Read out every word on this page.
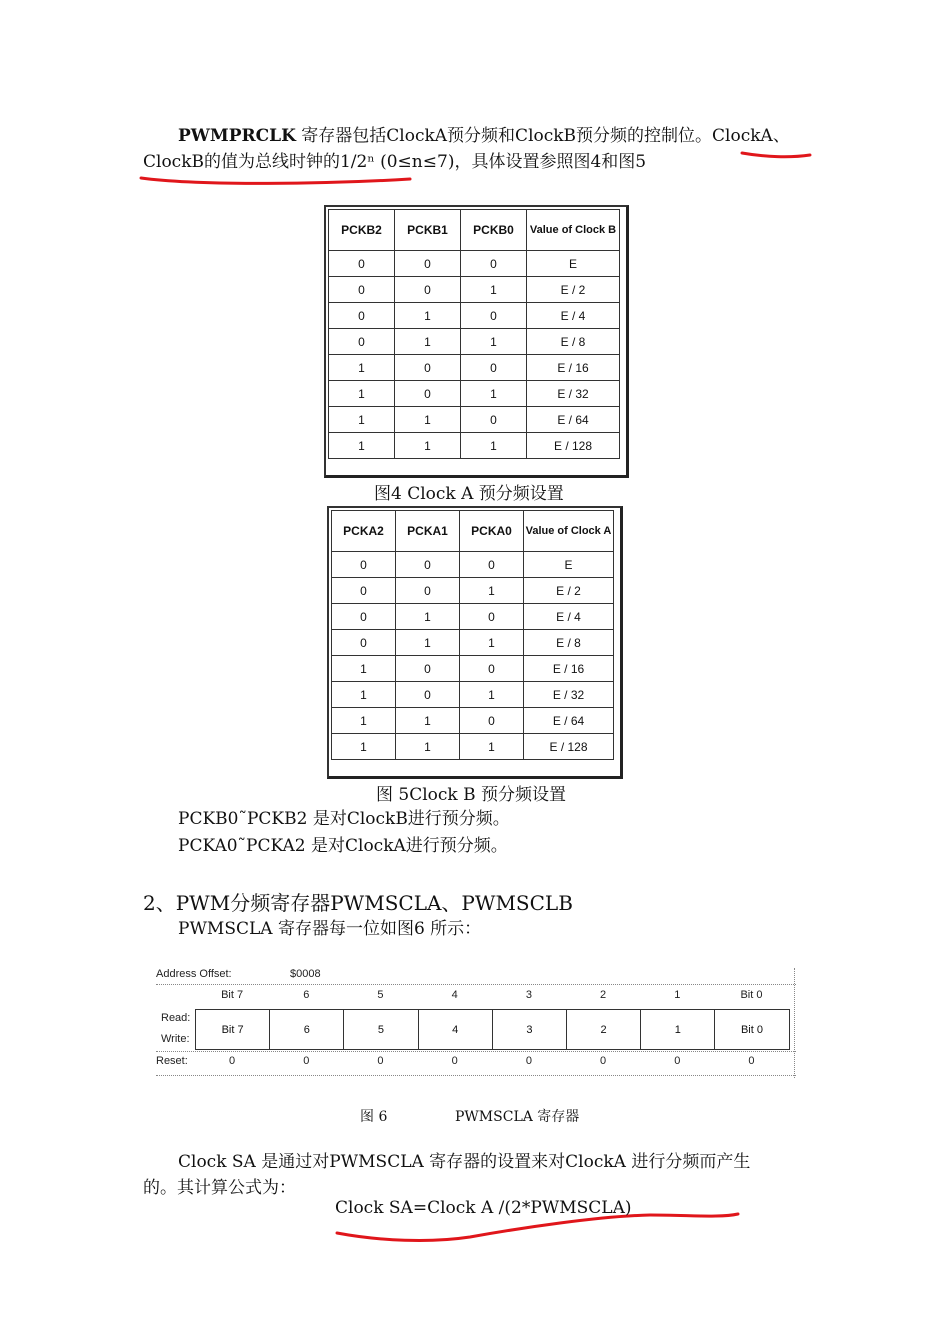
PWMPRCLK 寄存器包括ClockA预分频和ClockB预分频的控制位。ClockA、
ClockB的值为总线时钟的1/2ⁿ (0≤n≤7)，具体设置参照图4和图5
PCKB2	PCKB1	PCKB0	Value of Clock B
0	0	0	E
0	0	1	E / 2
0	1	0	E / 4
0	1	1	E / 8
1	0	0	E / 16
1	0	1	E / 32
1	1	0	E / 64
1	1	1	E / 128
图4 Clock A 预分频设置
PCKA2	PCKA1	PCKA0	Value of Clock A
0	0	0	E
0	0	1	E / 2
0	1	0	E / 4
0	1	1	E / 8
1	0	0	E / 16
1	0	1	E / 32
1	1	0	E / 64
1	1	1	E / 128
图 5Clock B 预分频设置
PCKB0˜PCKB2 是对ClockB进行预分频。
PCKA0˜PCKA2 是对ClockA进行预分频。
2、PWM分频寄存器PWMSCLA、PWMSCLB
PWMSCLA 寄存器每一位如图6 所示：
Address Offset:	$0008
Bit 7	6	5	4	3	2	1	Bit 0
Read:
Write:
Bit 7	6	5	4	3	2	1	Bit 0
Reset:	0	0	0	0	0	0	0	0
图 6	PWMSCLA 寄存器
Clock SA 是通过对PWMSCLA 寄存器的设置来对ClockA 进行分频而产生
的。其计算公式为：
Clock SA=Clock A /(2*PWMSCLA)
